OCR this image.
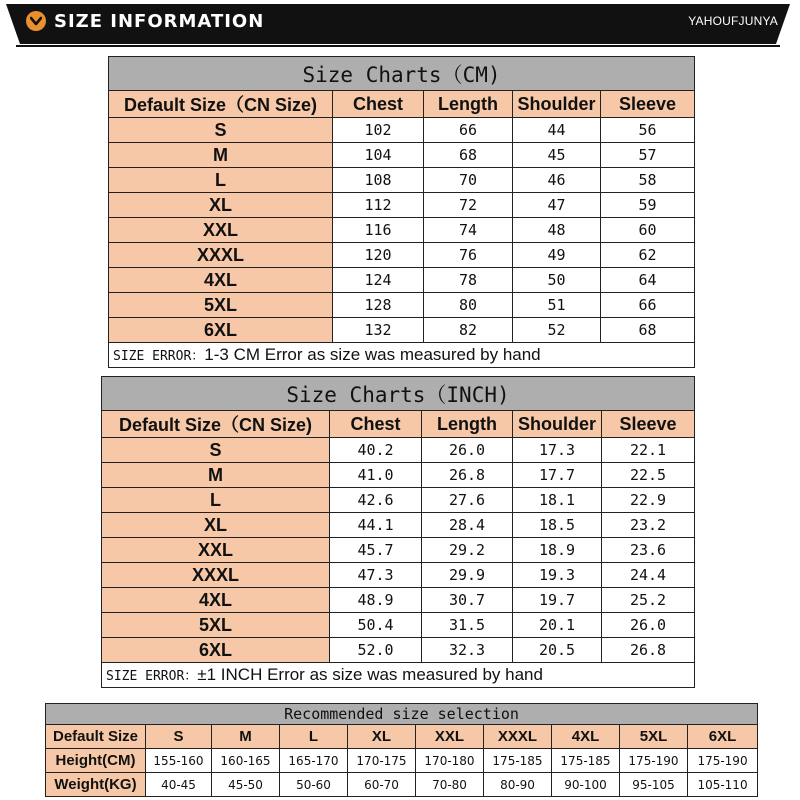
SIZE INFORMATION	YAHOUFJUNYA
Size Charts（CM)				
Default Size（CN Size)	Chest	Length	Shoulder	Sleeve
S	102	66	44	56
M	104	68	45	57
L	108	70	46	58
XL	112	72	47	59
XXL	116	74	48	60
XXXL	120	76	49	62
4XL	124	78	50	64
5XL	128	80	51	66
6XL	132	82	52	68
SIZE ERROR：1-3 CM Error as size was measured by hand				
Size Charts（INCH)				
Default Size（CN Size)	Chest	Length	Shoulder	Sleeve
S	40.2	26.0	17.3	22.1
M	41.0	26.8	17.7	22.5
L	42.6	27.6	18.1	22.9
XL	44.1	28.4	18.5	23.2
XXL	45.7	29.2	18.9	23.6
XXXL	47.3	29.9	19.3	24.4
4XL	48.9	30.7	19.7	25.2
5XL	50.4	31.5	20.1	26.0
6XL	52.0	32.3	20.5	26.8
SIZE ERROR：±1 INCH Error as size was measured by hand				
Recommended size selection									
Default Size	S	M	L	XL	XXL	XXXL	4XL	5XL	6XL
Height(CM)	155-160	160-165	165-170	170-175	170-180	175-185	175-185	175-190	175-190
Weight(KG)	40-45	45-50	50-60	60-70	70-80	80-90	90-100	95-105	105-110
